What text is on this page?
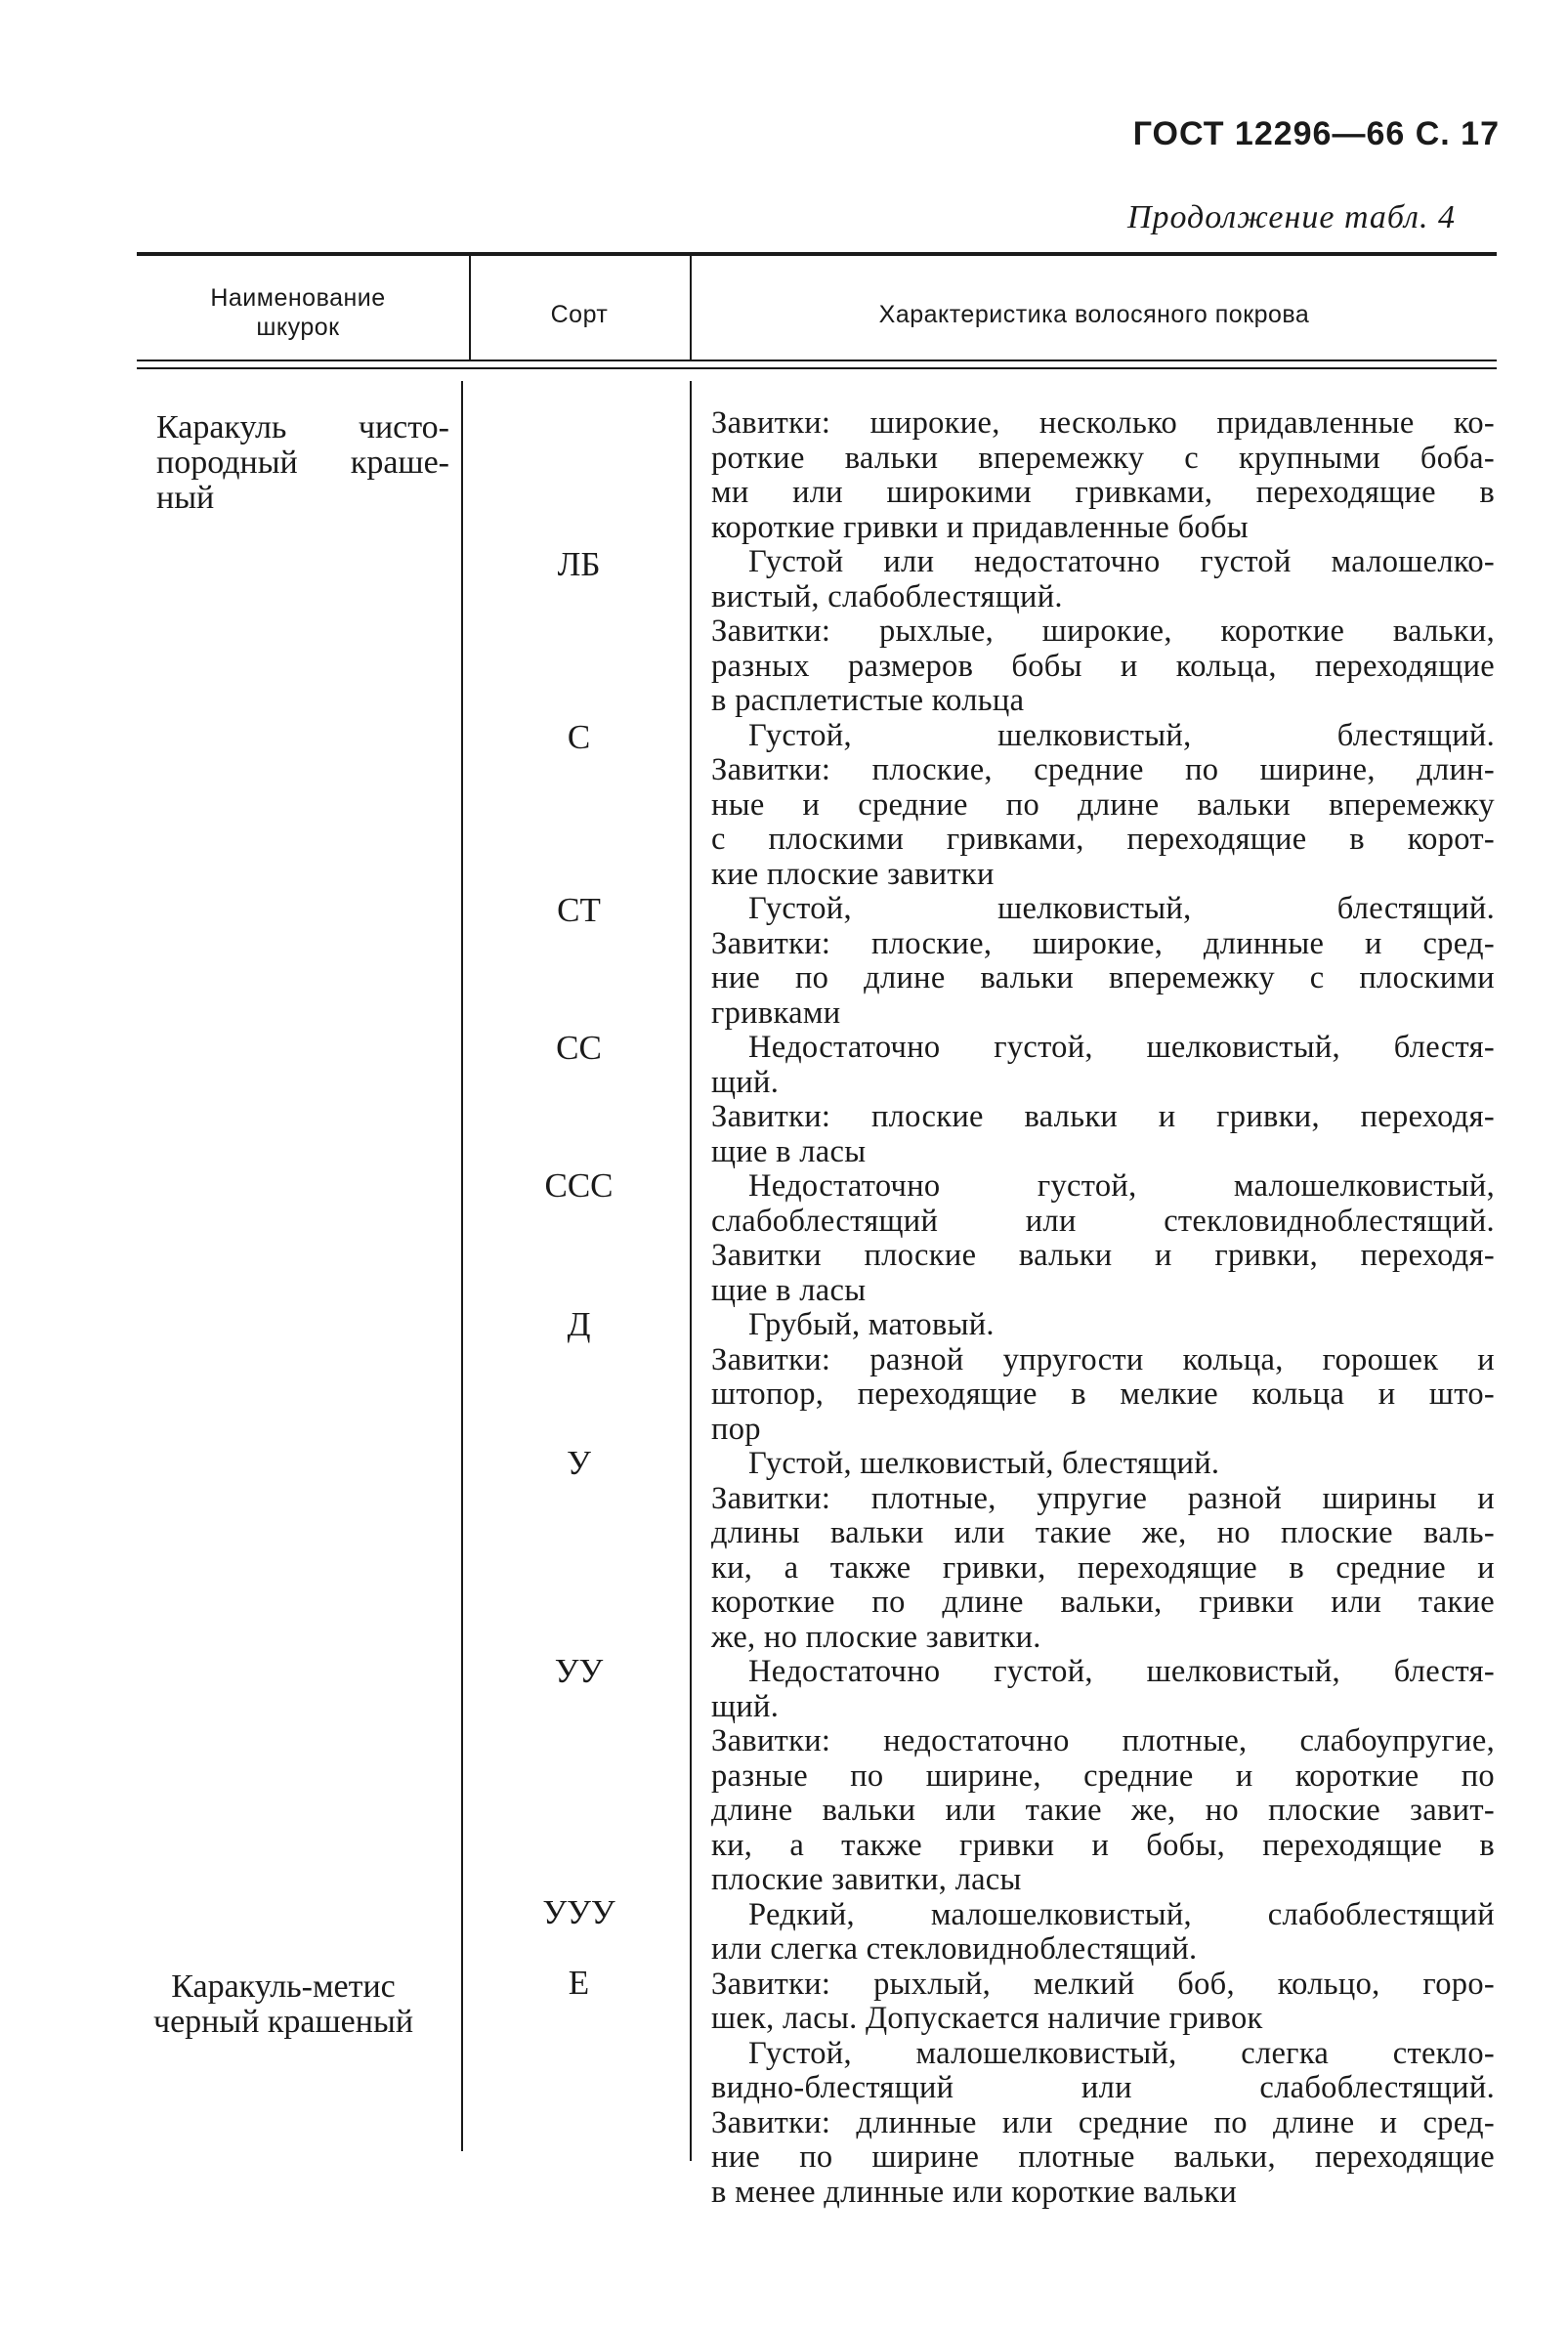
ГОСТ 12296—66 С. 17
Продолжение табл. 4
Наименование шкурок	Сорт	Характеристика волосяного покрова
Каракуль чисто-
породный краше-
ный
Каракуль-метис
черный крашеный
ЛБ
С
СТ
СС
ССС
Д
У
УУ
УУУ
Е
Завитки: широкие, несколько придавленные ко-
роткие вальки вперемежку с крупными боба-
ми или широкими гривками, переходящие в
короткие гривки и придавленные бобы
Густой или недостаточно густой малошелко-
вистый, слабоблестящий.
Завитки: рыхлые, широкие, короткие вальки,
разных размеров бобы и кольца, переходящие
в расплетистые кольца
Густой, шелковистый, блестящий.
Завитки: плоские, средние по ширине, длин-
ные и средние по длине вальки вперемежку
с плоскими гривками, переходящие в корот-
кие плоские завитки
Густой, шелковистый, блестящий.
Завитки: плоские, широкие, длинные и сред-
ние по длине вальки вперемежку с плоскими
гривками
Недостаточно густой, шелковистый, блестя-
щий.
Завитки: плоские вальки и гривки, переходя-
щие в ласы
Недостаточно густой, малошелковистый,
слабоблестящий или стекловидноблестящий.
Завитки плоские вальки и гривки, переходя-
щие в ласы
Грубый, матовый.
Завитки: разной упругости кольца, горошек и
штопор, переходящие в мелкие кольца и што-
пор
Густой, шелковистый, блестящий.
Завитки: плотные, упругие разной ширины и
длины вальки или такие же, но плоские валь-
ки, а также гривки, переходящие в средние и
короткие по длине вальки, гривки или такие
же, но плоские завитки.
Недостаточно густой, шелковистый, блестя-
щий.
Завитки: недостаточно плотные, слабоупругие,
разные по ширине, средние и короткие по
длине вальки или такие же, но плоские завит-
ки, а также гривки и бобы, переходящие в
плоские завитки, ласы
Редкий, малошелковистый, слабоблестящий
или слегка стекловидноблестящий.
Завитки: рыхлый, мелкий боб, кольцо, горо-
шек, ласы. Допускается наличие гривок
Густой, малошелковистый, слегка стекло-
видно-блестящий или слабоблестящий.
Завитки: длинные или средние по длине и сред-
ние по ширине плотные вальки, переходящие
в менее длинные или короткие вальки
